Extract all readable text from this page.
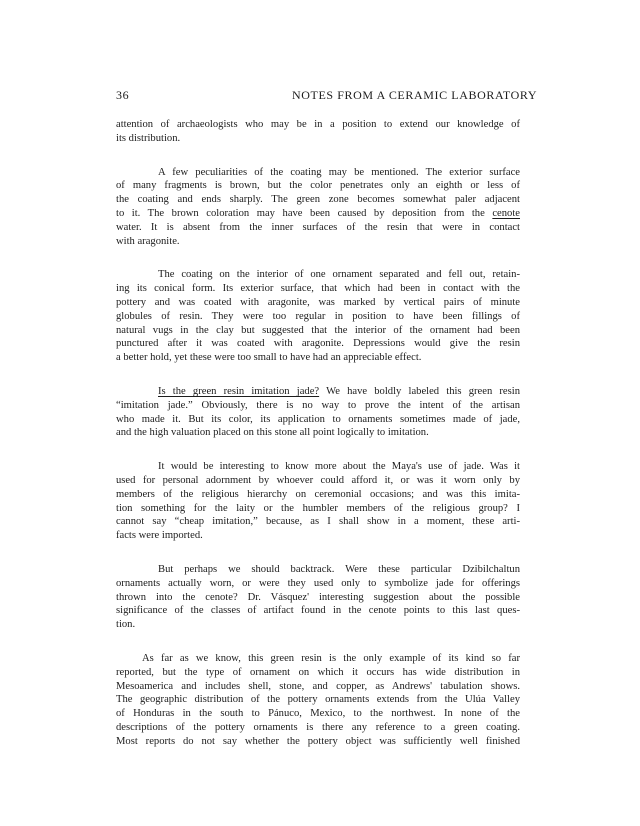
36	NOTES FROM A CERAMIC LABORATORY
attention of archaeologists who may be in a position to extend our knowledge of
its distribution.
A few peculiarities of the coating may be mentioned. The exterior surface
of many fragments is brown, but the color penetrates only an eighth or less of
the coating and ends sharply. The green zone becomes somewhat paler adjacent
to it. The brown coloration may have been caused by deposition from the cenote
water. It is absent from the inner surfaces of the resin that were in contact
with aragonite.
The coating on the interior of one ornament separated and fell out, retain-
ing its conical form. Its exterior surface, that which had been in contact with the
pottery and was coated with aragonite, was marked by vertical pairs of minute
globules of resin. They were too regular in position to have been fillings of
natural vugs in the clay but suggested that the interior of the ornament had been
punctured after it was coated with aragonite. Depressions would give the resin
a better hold, yet these were too small to have had an appreciable effect.
Is the green resin imitation jade? We have boldly labeled this green resin
“imitation jade.” Obviously, there is no way to prove the intent of the artisan
who made it. But its color, its application to ornaments sometimes made of jade,
and the high valuation placed on this stone all point logically to imitation.
It would be interesting to know more about the Maya's use of jade. Was it
used for personal adornment by whoever could afford it, or was it worn only by
members of the religious hierarchy on ceremonial occasions; and was this imita-
tion something for the laity or the humbler members of the religious group? I
cannot say “cheap imitation,” because, as I shall show in a moment, these arti-
facts were imported.
But perhaps we should backtrack. Were these particular Dzibilchaltun
ornaments actually worn, or were they used only to symbolize jade for offerings
thrown into the cenote? Dr. Vásquez' interesting suggestion about the possible
significance of the classes of artifact found in the cenote points to this last ques-
tion.
As far as we know, this green resin is the only example of its kind so far
reported, but the type of ornament on which it occurs has wide distribution in
Mesoamerica and includes shell, stone, and copper, as Andrews' tabulation shows.
The geographic distribution of the pottery ornaments extends from the Ulúa Valley
of Honduras in the south to Pánuco, Mexico, to the northwest. In none of the
descriptions of the pottery ornaments is there any reference to a green coating.
Most reports do not say whether the pottery object was sufficiently well finished
